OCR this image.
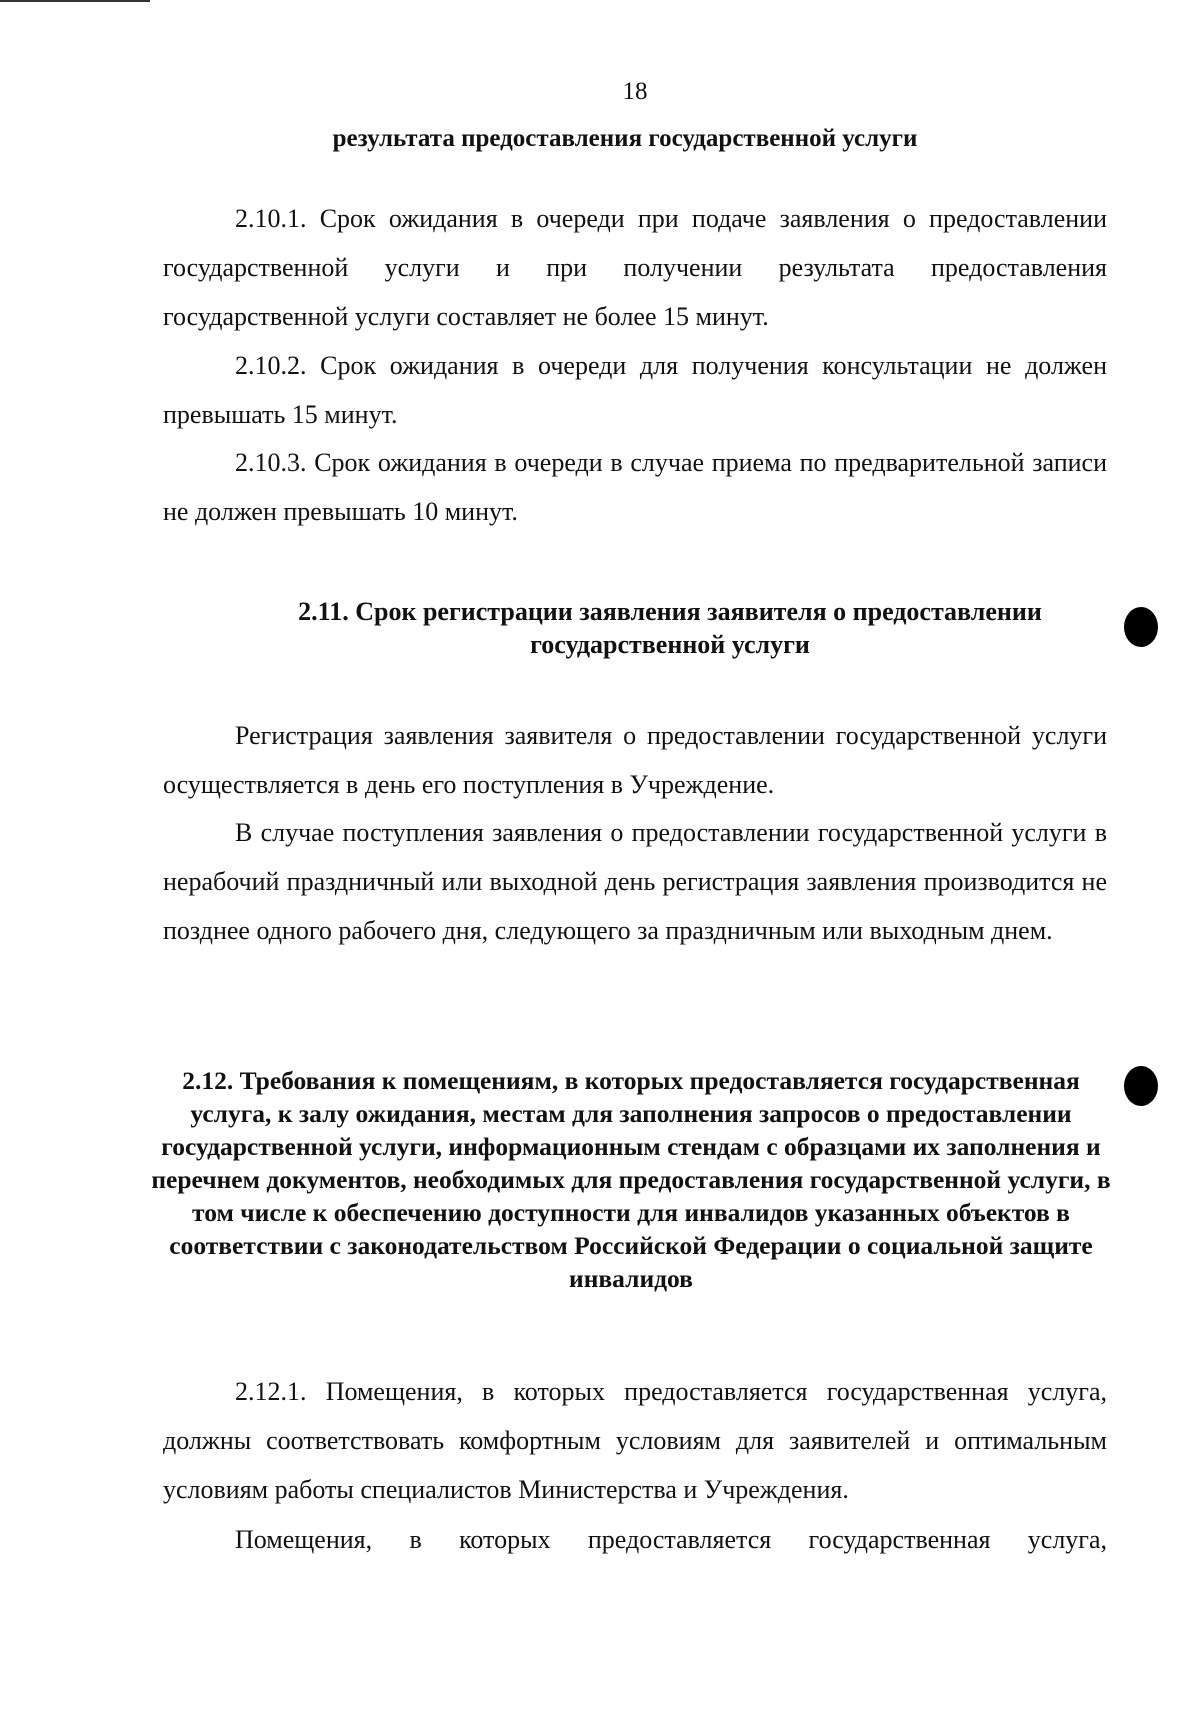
18
результата предоставления государственной услуги

2.10.1. Срок ожидания в очереди при подаче заявления о предоставлении государственной услуги и при получении результата предоставления государственной услуги составляет не более 15 минут.

2.10.2. Срок ожидания в очереди для получения консультации не должен превышать 15 минут.

2.10.3. Срок ожидания в очереди в случае приема по предварительной записи не должен превышать 10 минут.

2.11. Срок регистрации заявления заявителя о предоставлении государственной услуги

Регистрация заявления заявителя о предоставлении государственной услуги осуществляется в день его поступления в Учреждение.

В случае поступления заявления о предоставлении государственной услуги в нерабочий праздничный или выходной день регистрация заявления производится не позднее одного рабочего дня, следующего за праздничным или выходным днем.

2.12. Требования к помещениям, в которых предоставляется государственная услуга, к залу ожидания, местам для заполнения запросов о предоставлении государственной услуги, информационным стендам с образцами их заполнения и перечнем документов, необходимых для предоставления государственной услуги, в том числе к обеспечению доступности для инвалидов указанных объектов в соответствии с законодательством Российской Федерации о социальной защите инвалидов

2.12.1. Помещения, в которых предоставляется государственная услуга, должны соответствовать комфортным условиям для заявителей и оптимальным условиям работы специалистов Министерства и Учреждения.

Помещения, в которых предоставляется государственная услуга,
